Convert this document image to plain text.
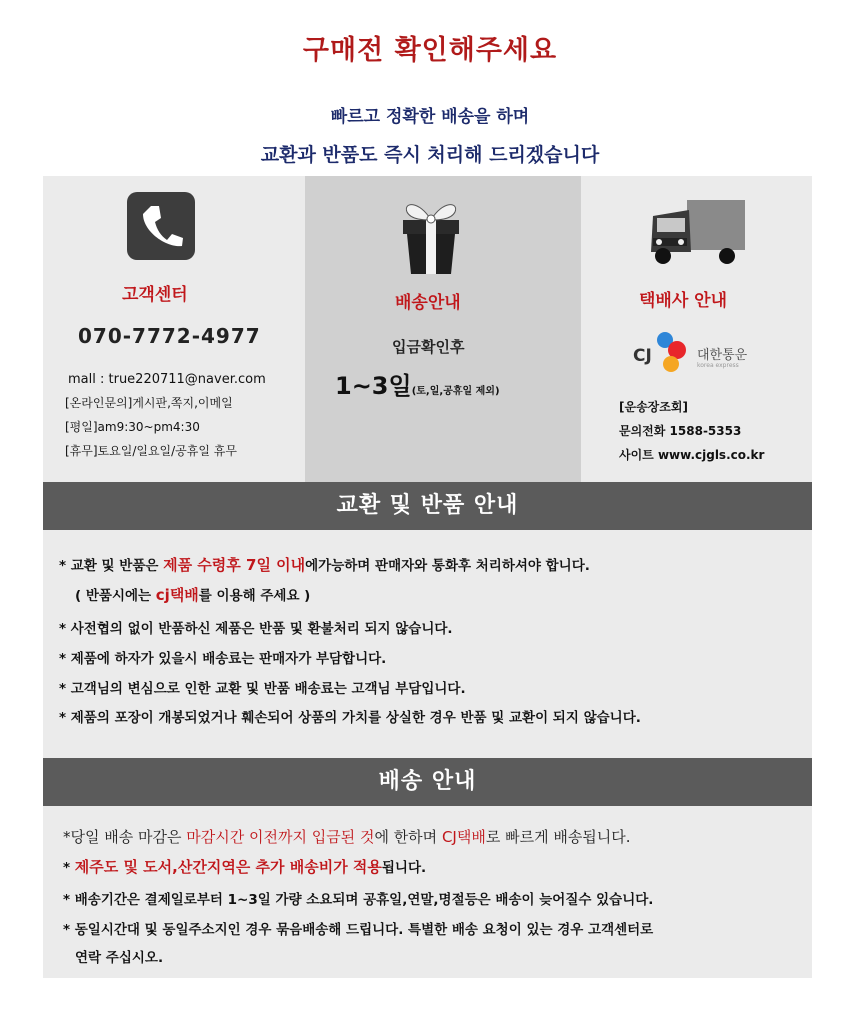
구매전 확인해주세요
빠르고 정확한 배송을 하며
교환과 반품도 즉시 처리해 드리겠습니다
고객센터
070-7772-4977
mall : true220711@naver.com
[온라인문의]게시판,쪽지,이메일
[평일]am9:30~pm4:30
[휴무]토요일/일요일/공휴일 휴무
배송안내
입금확인후
1~3일(토,일,공휴일 제외)
택배사 안내
CJ	대한통운
korea express
[운송장조회]
문의전화 1588-5353
사이트 www.cjgls.co.kr
교환 및 반품 안내
* 교환 및 반품은 제품 수령후 7일 이내에가능하며 판매자와 통화후 처리하셔야 합니다.
( 반품시에는 cj택배를 이용해 주세요 )
* 사전협의 없이 반품하신 제품은 반품 및 환불처리 되지 않습니다.
* 제품에 하자가 있을시 배송료는 판매자가 부담합니다.
* 고객님의 변심으로 인한 교환 및 반품 배송료는 고객님 부담입니다.
* 제품의 포장이 개봉되었거나 훼손되어 상품의 가치를 상실한 경우 반품 및 교환이 되지 않습니다.
배송 안내
*당일 배송 마감은 마감시간 이전까지 입금된 것에 한하며 CJ택배로 빠르게 배송됩니다.
* 제주도 및 도서,산간지역은 추가 배송비가 적용됩니다.
* 배송기간은 결제일로부터 1~3일 가량 소요되며 공휴일,연말,명절등은 배송이 늦어질수 있습니다.
* 동일시간대 및 동일주소지인 경우 묶음배송해 드립니다. 특별한 배송 요청이 있는 경우 고객센터로
연락 주십시오.
